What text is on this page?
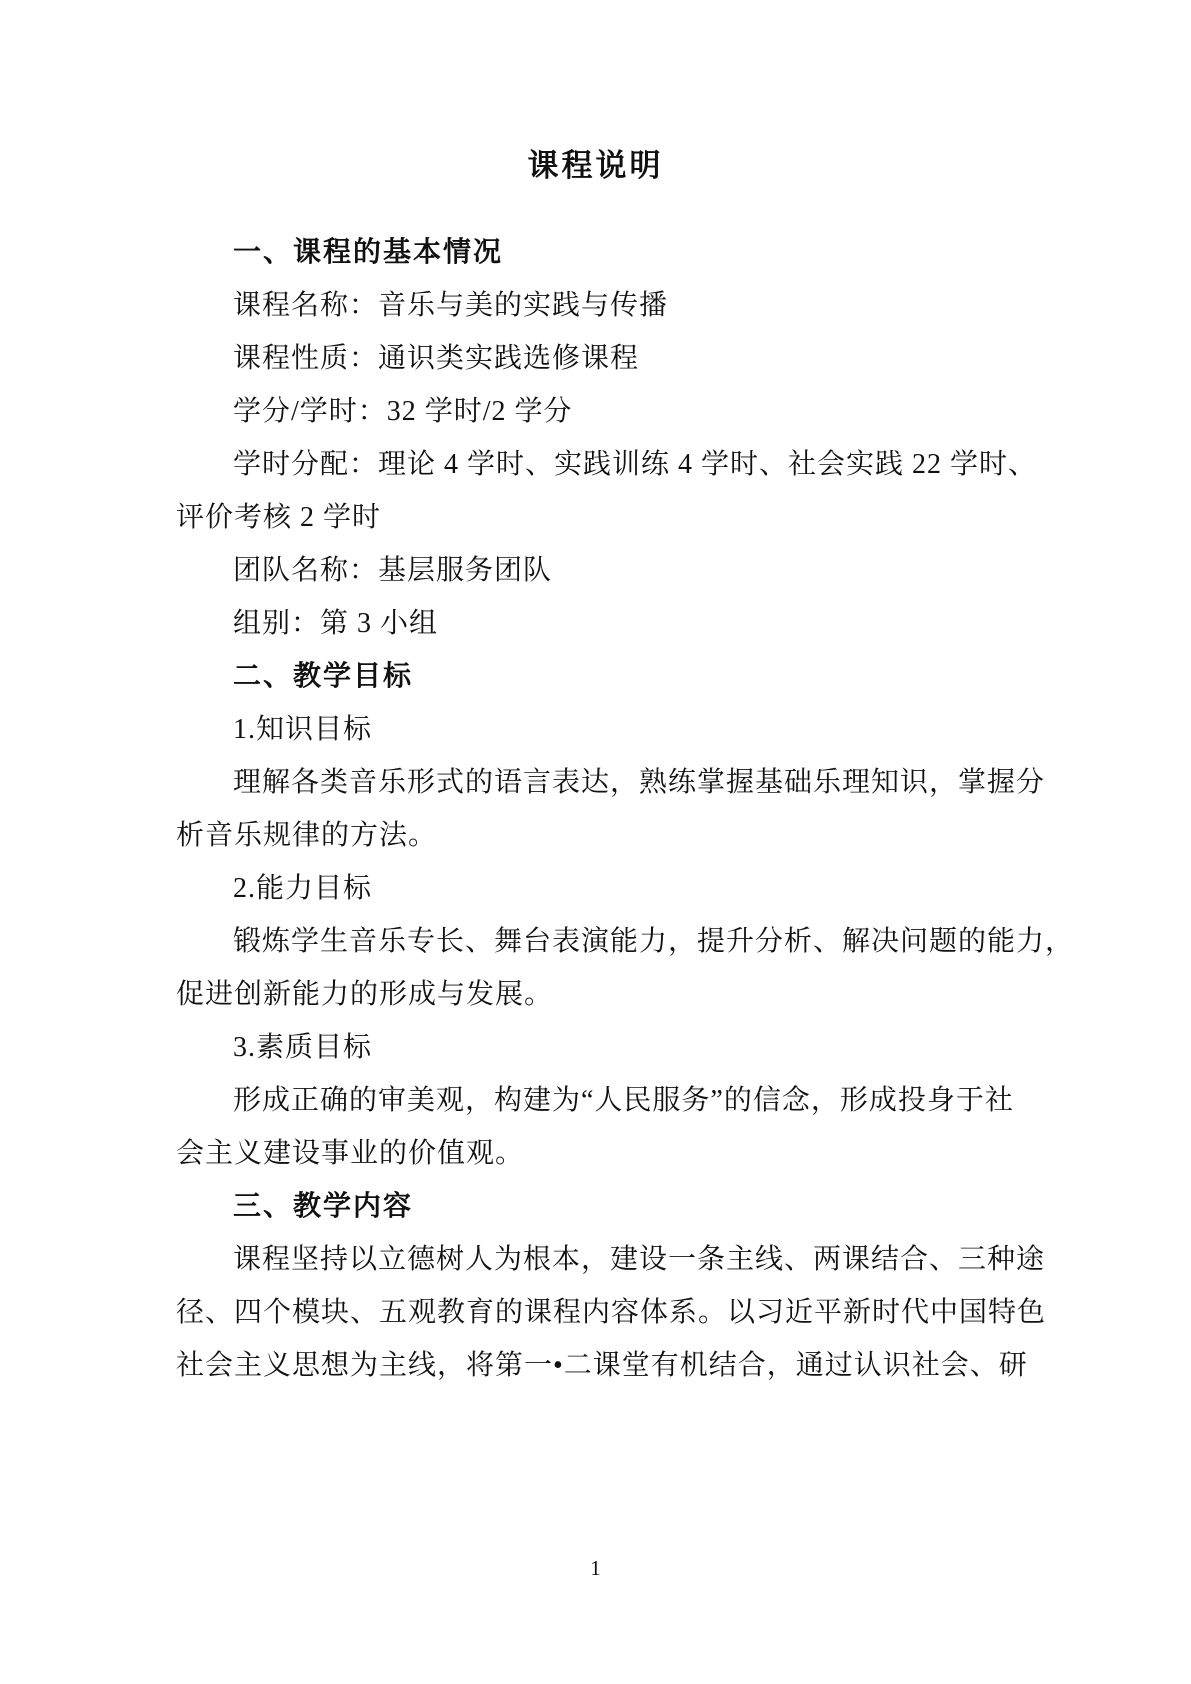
课程说明
一、课程的基本情况
课程名称：音乐与美的实践与传播
课程性质：通识类实践选修课程
学分/学时：32 学时/2 学分
学时分配：理论 4 学时、实践训练 4 学时、社会实践 22 学时、
评价考核 2 学时
团队名称：基层服务团队
组别：第 3 小组
二、教学目标
1.知识目标
理解各类音乐形式的语言表达，熟练掌握基础乐理知识，掌握分
析音乐规律的方法。
2.能力目标
锻炼学生音乐专长、舞台表演能力，提升分析、解决问题的能力，
促进创新能力的形成与发展。
3.素质目标
形成正确的审美观，构建为“人民服务”的信念，形成投身于社
会主义建设事业的价值观。
三、教学内容
课程坚持以立德树人为根本，建设一条主线、两课结合、三种途
径、四个模块、五观教育的课程内容体系。以习近平新时代中国特色
社会主义思想为主线，将第一•二课堂有机结合，通过认识社会、研
1
